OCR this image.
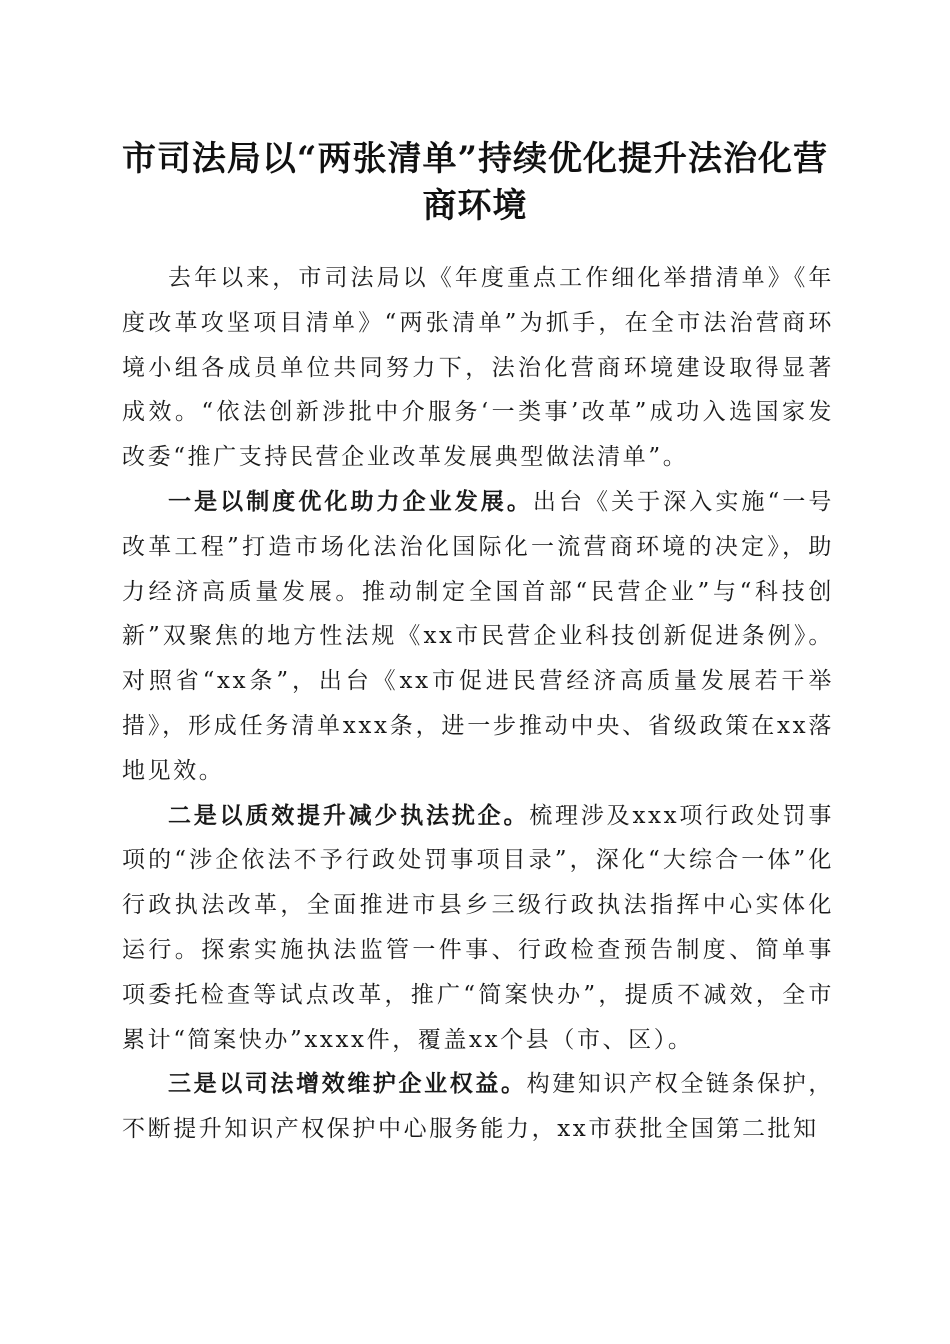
市司法局以“两张清单”持续优化提升法治化营商环境

去年以来，市司法局以《年度重点工作细化举措清单》《年度改革攻坚项目清单》“两张清单”为抓手，在全市法治营商环境小组各成员单位共同努力下，法治化营商环境建设取得显著成效。“依法创新涉批中介服务‘一类事’改革”成功入选国家发改委“推广支持民营企业改革发展典型做法清单”。

一是以制度优化助力企业发展。出台《关于深入实施“一号改革工程”打造市场化法治化国际化一流营商环境的决定》，助力经济高质量发展。推动制定全国首部“民营企业”与“科技创新”双聚焦的地方性法规《xx市民营企业科技创新促进条例》。对照省“xx条”，出台《xx市促进民营经济高质量发展若干举措》，形成任务清单xxx条，进一步推动中央、省级政策在xx落地见效。

二是以质效提升减少执法扰企。梳理涉及xxx项行政处罚事项的“涉企依法不予行政处罚事项目录”，深化“大综合一体”化行政执法改革，全面推进市县乡三级行政执法指挥中心实体化运行。探索实施执法监管一件事、行政检查预告制度、简单事项委托检查等试点改革，推广“简案快办”，提质不减效，全市累计“简案快办”xxxx件，覆盖xx个县（市、区）。

三是以司法增效维护企业权益。构建知识产权全链条保护，不断提升知识产权保护中心服务能力，xx市获批全国第二批知
